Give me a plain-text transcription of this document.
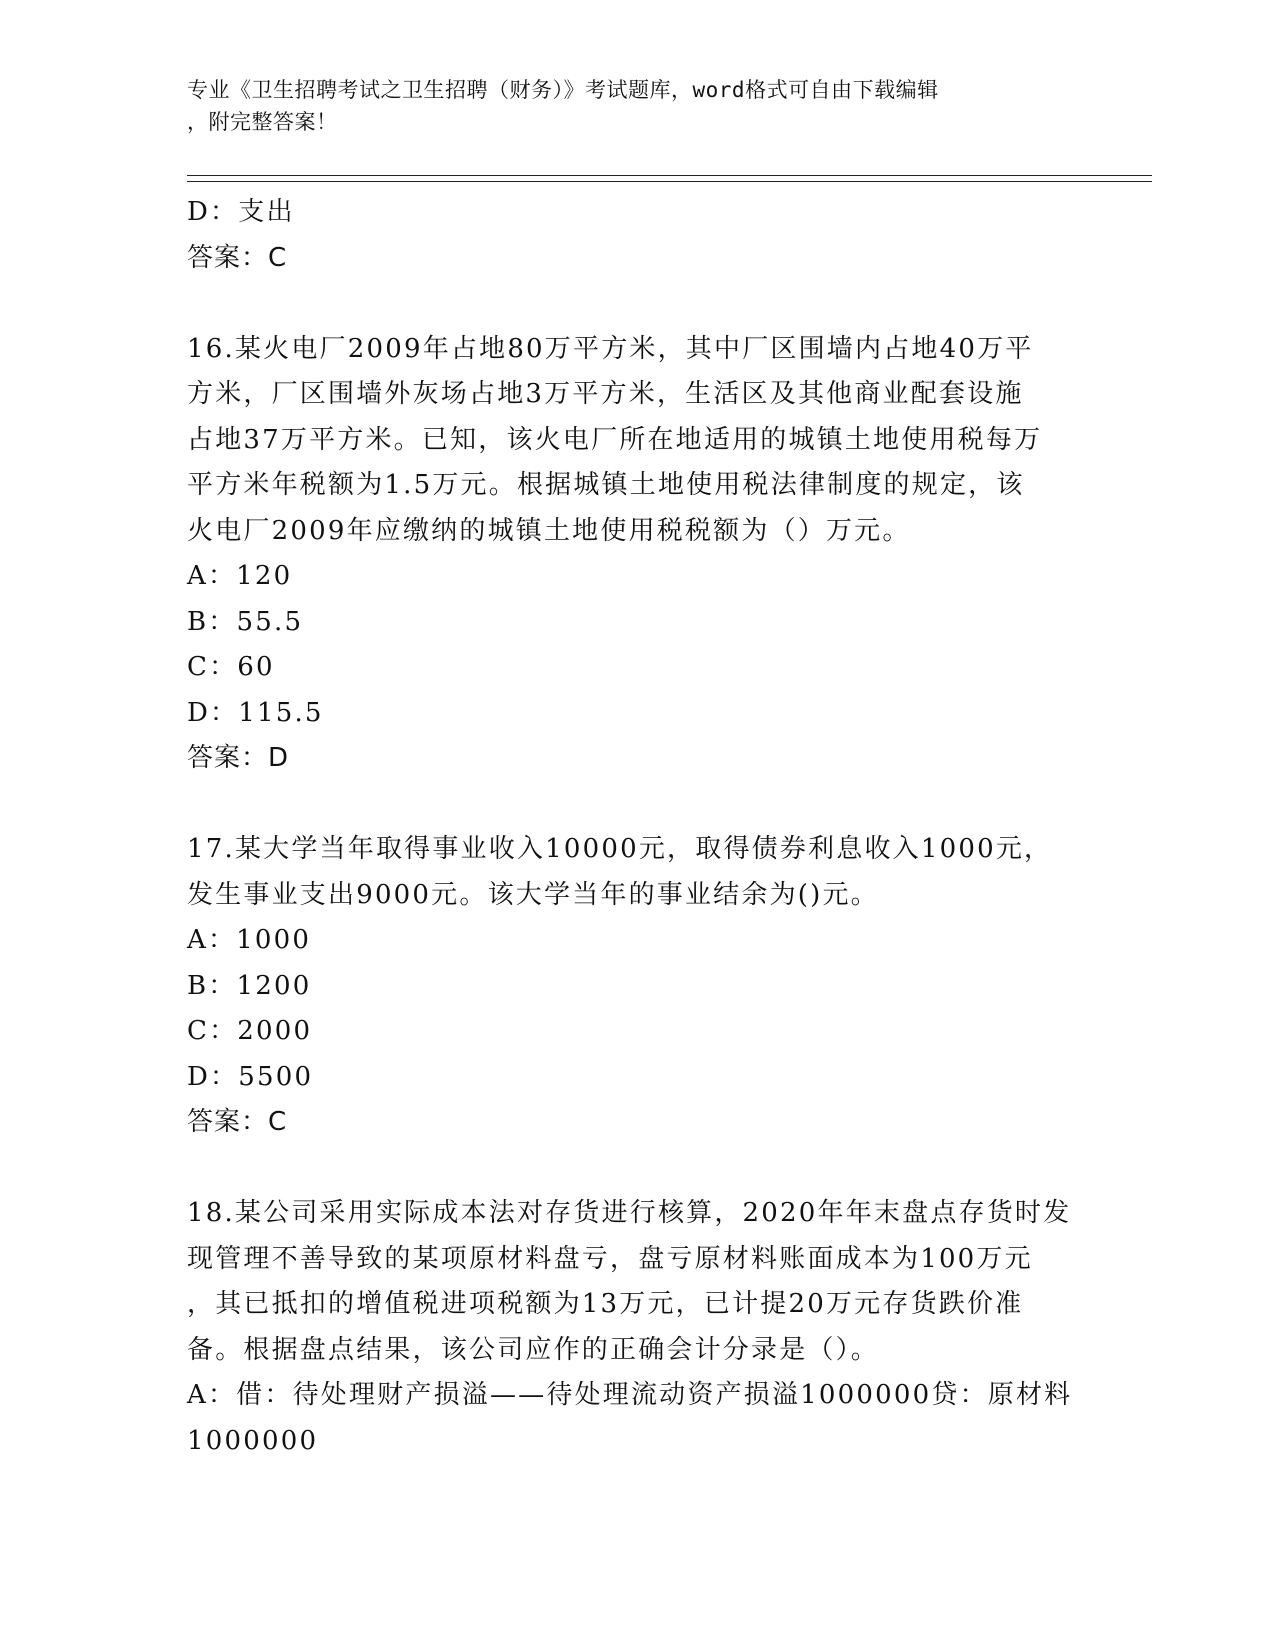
专业《卫生招聘考试之卫生招聘（财务）》考试题库，word格式可自由下载编辑
，附完整答案！
D：支出
答案：C
16.某火电厂2009年占地80万平方米，其中厂区围墙内占地40万平
方米，厂区围墙外灰场占地3万平方米，生活区及其他商业配套设施
占地37万平方米。已知，该火电厂所在地适用的城镇土地使用税每万
平方米年税额为1.5万元。根据城镇土地使用税法律制度的规定，该
火电厂2009年应缴纳的城镇土地使用税税额为（）万元。
A：120
B：55.5
C：60
D：115.5
答案：D
17.某大学当年取得事业收入10000元，取得债券利息收入1000元，
发生事业支出9000元。该大学当年的事业结余为()元。
A：1000
B：1200
C：2000
D：5500
答案：C
18.某公司采用实际成本法对存货进行核算，2020年年末盘点存货时发
现管理不善导致的某项原材料盘亏，盘亏原材料账面成本为100万元
，其已抵扣的增值税进项税额为13万元，已计提20万元存货跌价准
备。根据盘点结果，该公司应作的正确会计分录是（）。
A：借：待处理财产损溢——待处理流动资产损溢1000000贷：原材料
1000000
